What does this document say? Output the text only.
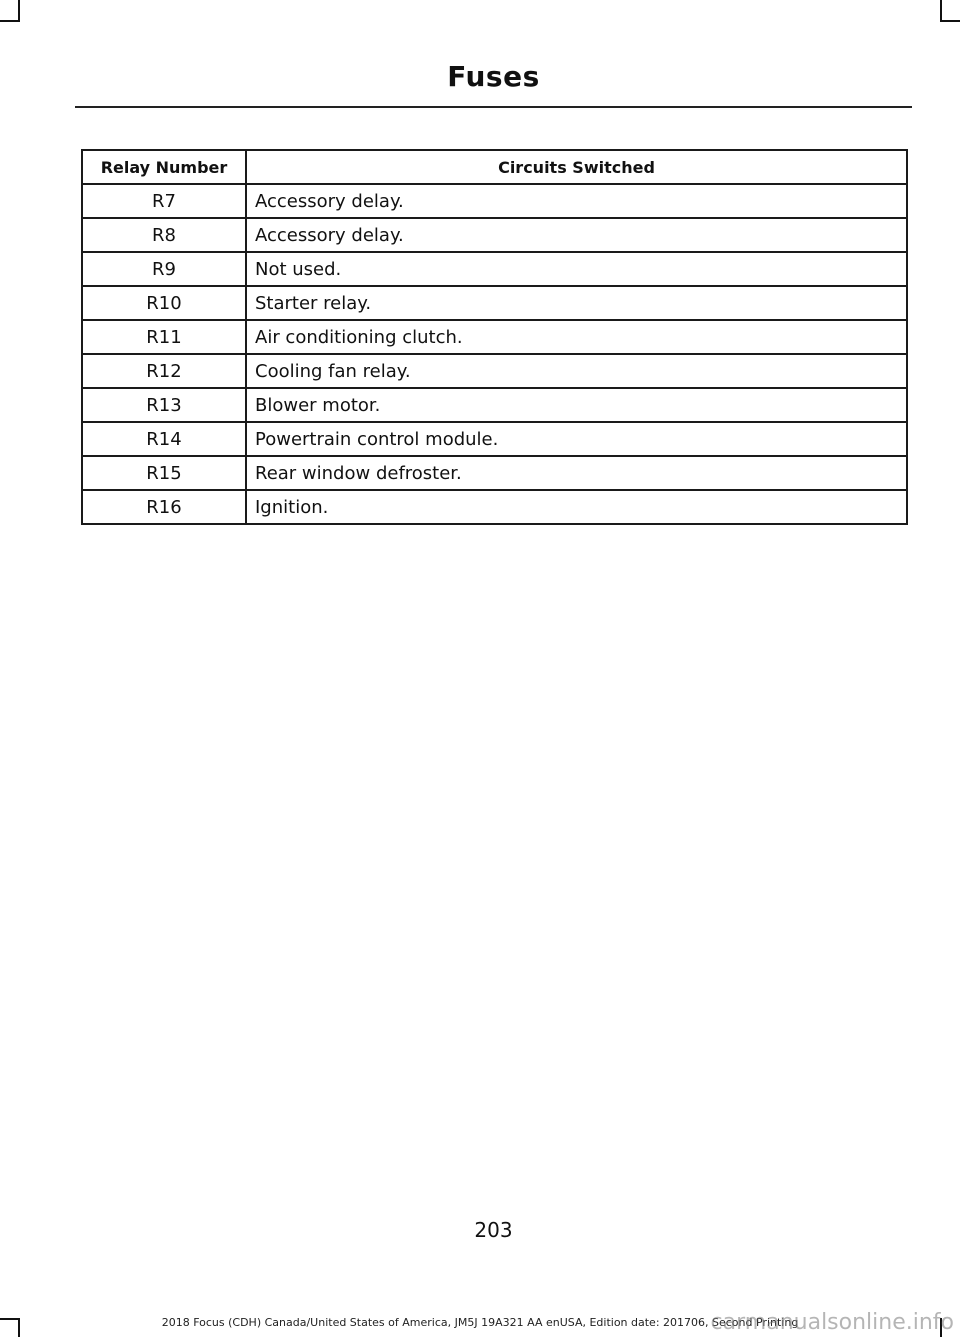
Fuses
Relay Number	Circuits Switched
R7	Accessory delay.
R8	Accessory delay.
R9	Not used.
R10	Starter relay.
R11	Air conditioning clutch.
R12	Cooling fan relay.
R13	Blower motor.
R14	Powertrain control module.
R15	Rear window defroster.
R16	Ignition.
203
2018 Focus (CDH) Canada/United States of America, JM5J 19A321 AA enUSA, Edition date: 201706, Second Printing
carmanualsonline.info
